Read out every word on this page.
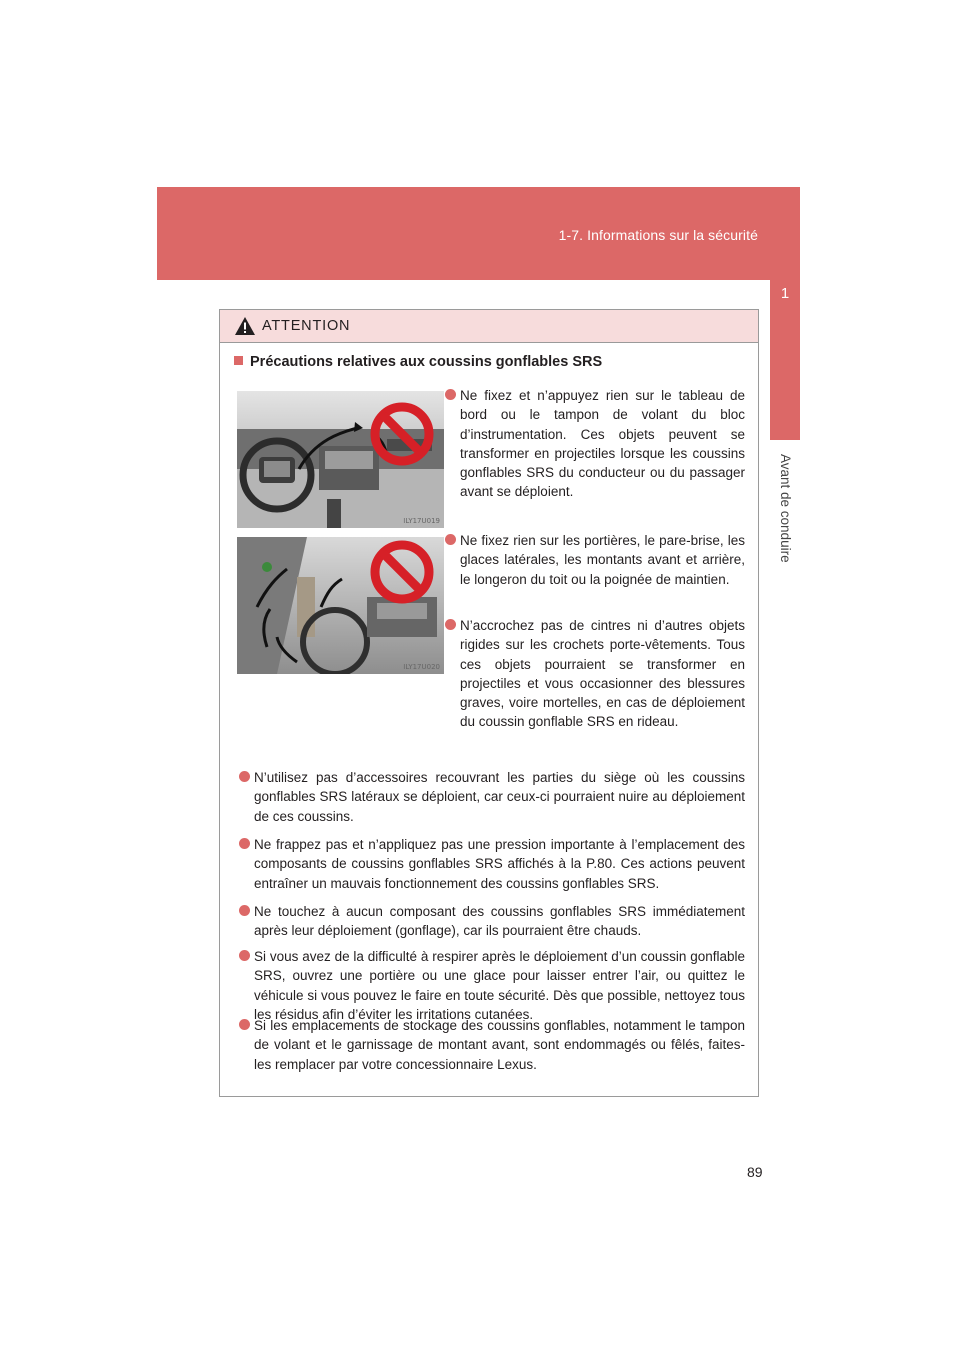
1-7. Informations sur la sécurité
1
Avant de conduire
ATTENTION
Précautions relatives aux coussins gonflables SRS
ILY17U019
ILY17U020
Ne fixez et n’appuyez rien sur le tableau de bord ou le tampon de volant du bloc d’instrumentation. Ces objets peuvent se transformer en projectiles lorsque les coussins gonflables SRS du conducteur ou du passager avant se déploient.
Ne fixez rien sur les portières, le pare-brise, les glaces latérales, les montants avant et arrière, le longeron du toit ou la poignée de maintien.
N’accrochez pas de cintres ni d’autres objets rigides sur les crochets porte-vêtements. Tous ces objets pourraient se transformer en projectiles et vous occasionner des blessures graves, voire mortelles, en cas de déploiement du coussin gonflable SRS en rideau.
N’utilisez pas d’accessoires recouvrant les parties du siège où les coussins gonflables SRS latéraux se déploient, car ceux-ci pourraient nuire au déploiement de ces coussins.
Ne frappez pas et n’appliquez pas une pression importante à l’emplacement des composants de coussins gonflables SRS affichés à la P.80. Ces actions peuvent entraîner un mauvais fonctionnement des coussins gonflables SRS.
Ne touchez à aucun composant des coussins gonflables SRS immédiatement après leur déploiement (gonflage), car ils pourraient être chauds.
Si vous avez de la difficulté à respirer après le déploiement d’un coussin gonflable SRS, ouvrez une portière ou une glace pour laisser entrer l’air, ou quittez le véhicule si vous pouvez le faire en toute sécurité. Dès que possible, nettoyez tous les résidus afin d’éviter les irritations cutanées.
Si les emplacements de stockage des coussins gonflables, notamment le tampon de volant et le garnissage de montant avant, sont endommagés ou fêlés, faites-les remplacer par votre concessionnaire Lexus.
89
